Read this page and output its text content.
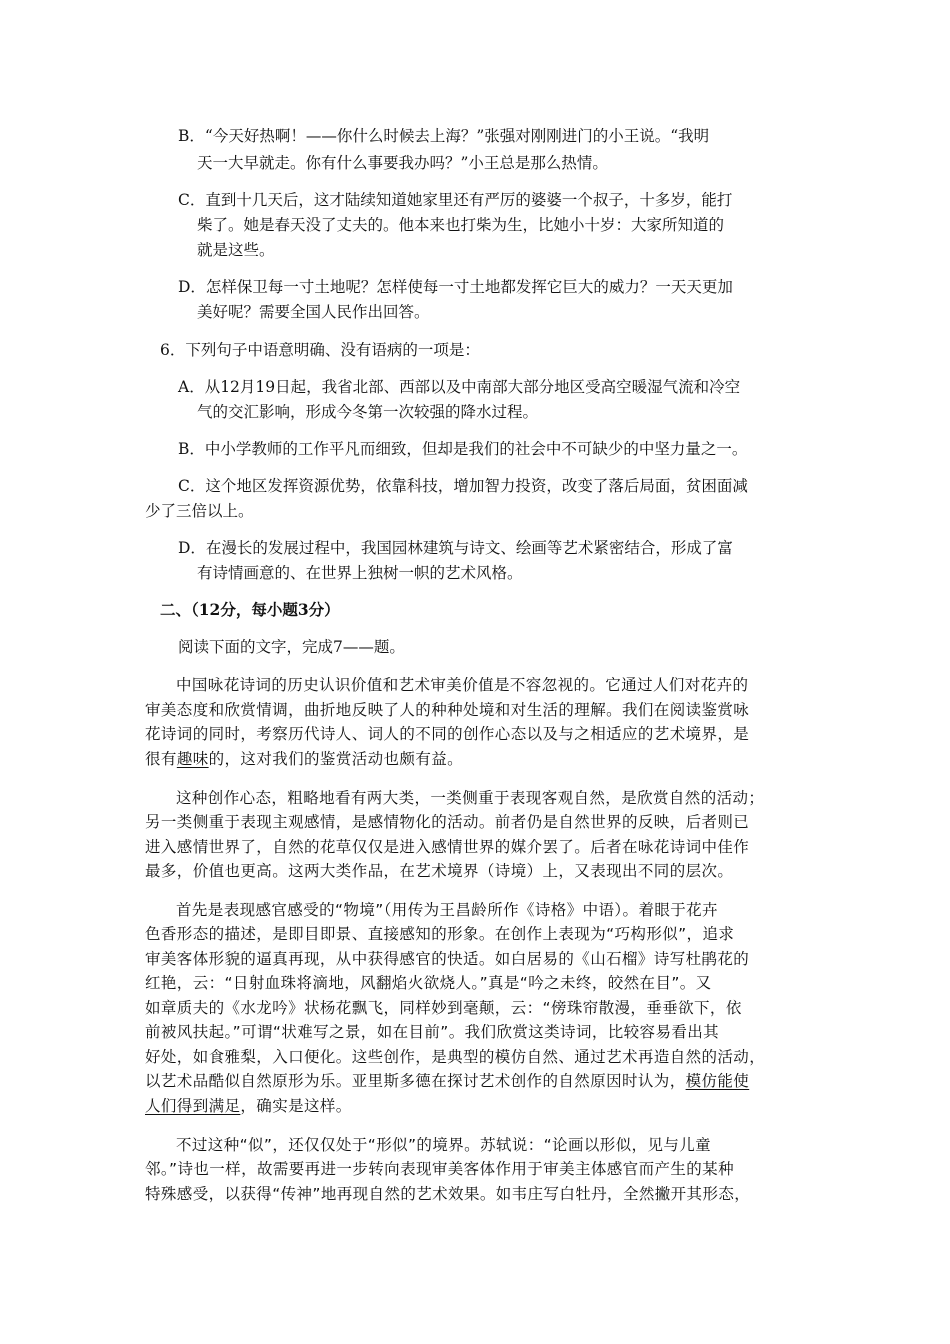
B．“今天好热啊！——你什么时候去上海？”张强对刚刚进门的小王说。“我明
天一大早就走。你有什么事要我办吗？”小王总是那么热情。
C．直到十几天后，这才陆续知道她家里还有严厉的婆婆一个叔子，十多岁，能打
柴了。她是春天没了丈夫的。他本来也打柴为生，比她小十岁：大家所知道的
就是这些。
D．怎样保卫每一寸土地呢？怎样使每一寸土地都发挥它巨大的威力？一天天更加
美好呢？需要全国人民作出回答。
6．下列句子中语意明确、没有语病的一项是：
A．从12月19日起，我省北部、西部以及中南部大部分地区受高空暖湿气流和冷空
气的交汇影响，形成今冬第一次较强的降水过程。
B．中小学教师的工作平凡而细致，但却是我们的社会中不可缺少的中坚力量之一。
C．这个地区发挥资源优势，依靠科技，增加智力投资，改变了落后局面，贫困面减
少了三倍以上。
D．在漫长的发展过程中，我国园林建筑与诗文、绘画等艺术紧密结合，形成了富
有诗情画意的、在世界上独树一帜的艺术风格。
二、（12分，每小题3分）
阅读下面的文字，完成7——题。
中国咏花诗词的历史认识价值和艺术审美价值是不容忽视的。它通过人们对花卉的
审美态度和欣赏情调，曲折地反映了人的种种处境和对生活的理解。我们在阅读鉴赏咏
花诗词的同时，考察历代诗人、词人的不同的创作心态以及与之相适应的艺术境界，是
很有趣味的，这对我们的鉴赏活动也颇有益。
这种创作心态，粗略地看有两大类，一类侧重于表现客观自然，是欣赏自然的活动；
另一类侧重于表现主观感情，是感情物化的活动。前者仍是自然世界的反映，后者则已
进入感情世界了，自然的花草仅仅是进入感情世界的媒介罢了。后者在咏花诗词中佳作
最多，价值也更高。这两大类作品，在艺术境界（诗境）上，又表现出不同的层次。
首先是表现感官感受的“物境”（用传为王昌龄所作《诗格》中语）。着眼于花卉
色香形态的描述，是即目即景、直接感知的形象。在创作上表现为“巧构形似”，追求
审美客体形貌的逼真再现，从中获得感官的快适。如白居易的《山石榴》诗写杜鹃花的
红艳，云：“日射血珠将滴地，风翻焰火欲烧人。”真是“吟之未终，皎然在目”。又
如章质夫的《水龙吟》状杨花飘飞，同样妙到毫颠，云：“傍珠帘散漫，垂垂欲下，依
前被风扶起。”可谓“状难写之景，如在目前”。我们欣赏这类诗词，比较容易看出其
好处，如食雅梨，入口便化。这些创作，是典型的模仿自然、通过艺术再造自然的活动，
以艺术品酷似自然原形为乐。亚里斯多德在探讨艺术创作的自然原因时认为，模仿能使
人们得到满足，确实是这样。
不过这种“似”，还仅仅处于“形似”的境界。苏轼说：“论画以形似，见与儿童
邻。”诗也一样，故需要再进一步转向表现审美客体作用于审美主体感官而产生的某种
特殊感受，以获得“传神”地再现自然的艺术效果。如韦庄写白牡丹，全然撇开其形态，
